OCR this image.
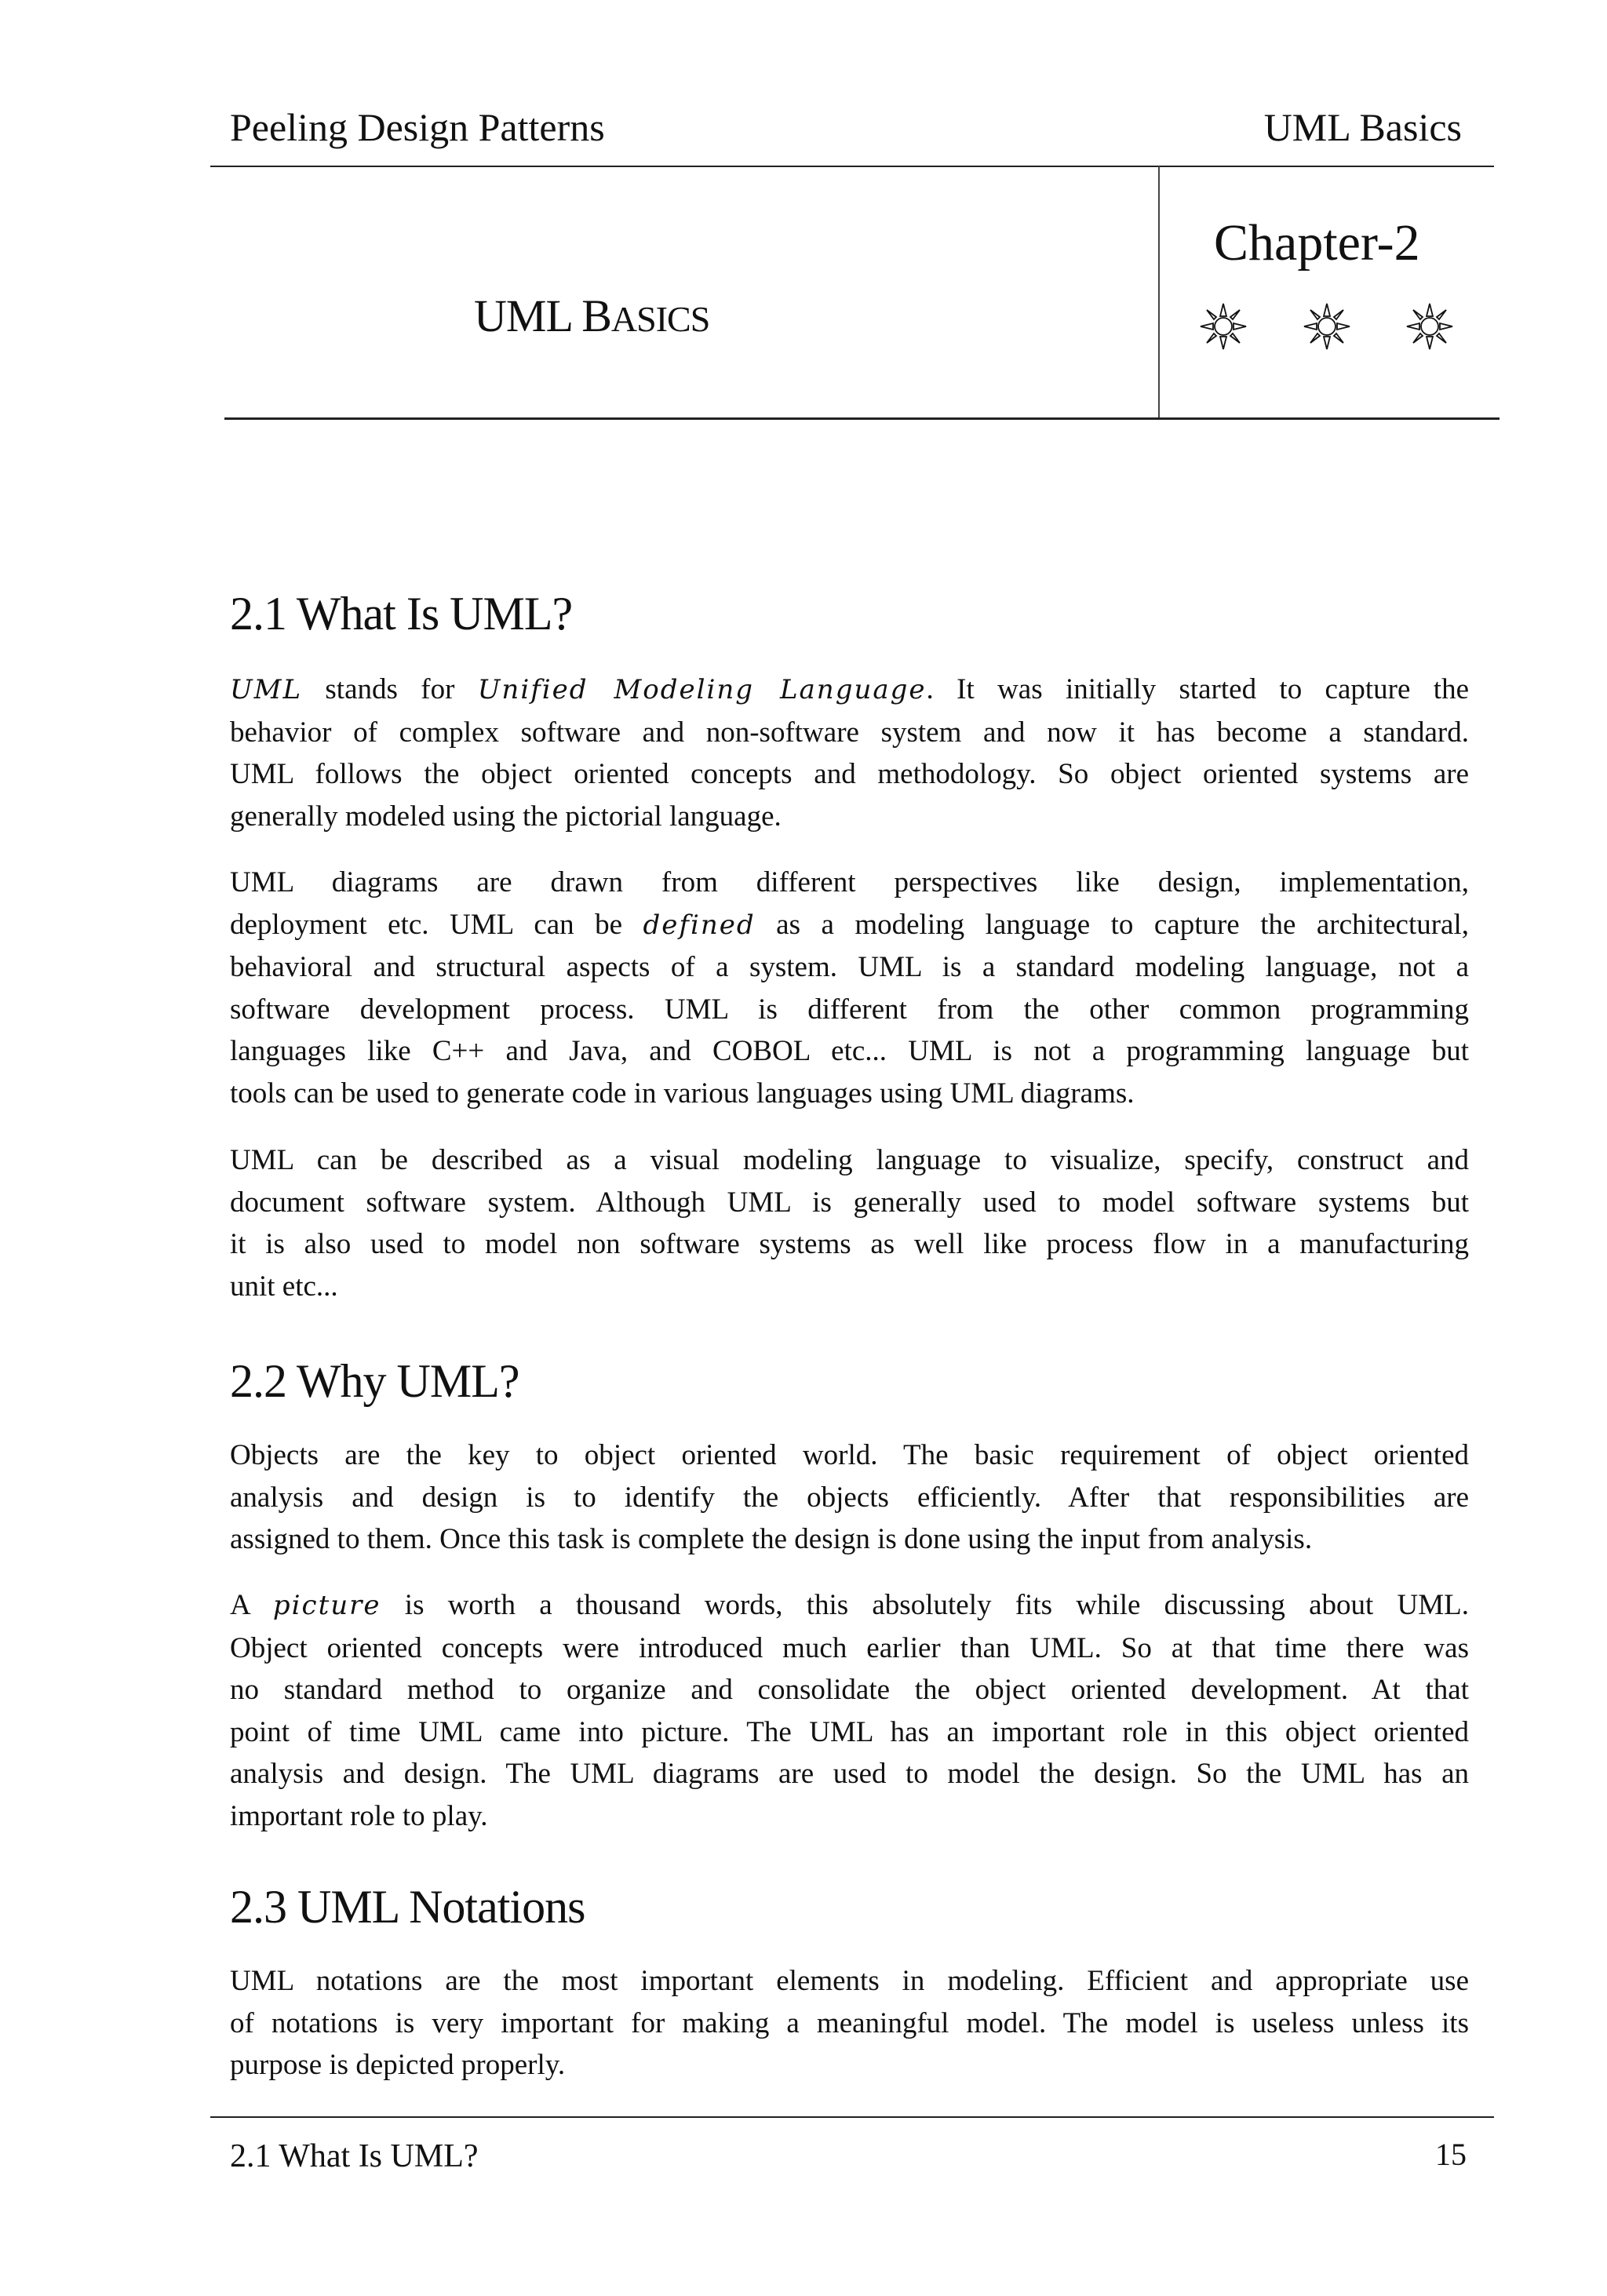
Peeling Design Patterns	UML Basics
UML BASICS
Chapter-2
2.1 What Is UML?
UML stands for Unified Modeling Language. It was initially started to capture the
behavior of complex software and non-software system and now it has become a standard.
UML follows the object oriented concepts and methodology. So object oriented systems are
generally modeled using the pictorial language.
UML diagrams are drawn from different perspectives like design, implementation,
deployment etc. UML can be defined as a modeling language to capture the architectural,
behavioral and structural aspects of a system. UML is a standard modeling language, not a
software development process. UML is different from the other common programming
languages like C++ and Java, and COBOL etc... UML is not a programming language but
tools can be used to generate code in various languages using UML diagrams.
UML can be described as a visual modeling language to visualize, specify, construct and
document software system. Although UML is generally used to model software systems but
it is also used to model non software systems as well like process flow in a manufacturing
unit etc...
2.2 Why UML?
Objects are the key to object oriented world. The basic requirement of object oriented
analysis and design is to identify the objects efficiently. After that responsibilities are
assigned to them. Once this task is complete the design is done using the input from analysis.
A picture is worth a thousand words, this absolutely fits while discussing about UML.
Object oriented concepts were introduced much earlier than UML. So at that time there was
no standard method to organize and consolidate the object oriented development. At that
point of time UML came into picture. The UML has an important role in this object oriented
analysis and design. The UML diagrams are used to model the design. So the UML has an
important role to play.
2.3 UML Notations
UML notations are the most important elements in modeling. Efficient and appropriate use
of notations is very important for making a meaningful model. The model is useless unless its
purpose is depicted properly.
2.1 What Is UML?	15
